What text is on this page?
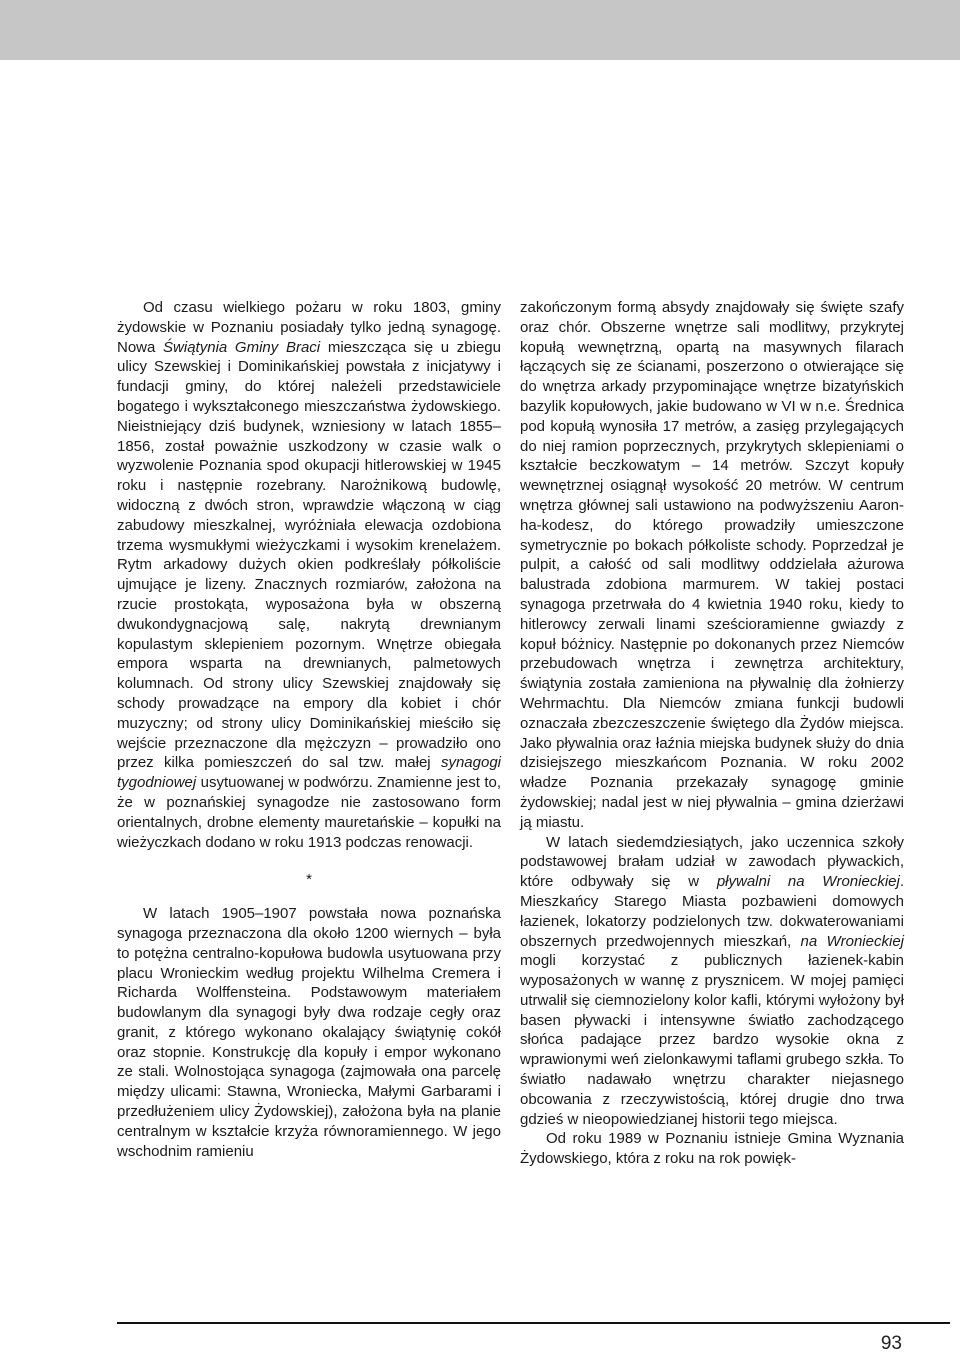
Od czasu wielkiego pożaru w roku 1803, gminy żydowskie w Poznaniu posiadały tylko jedną synagogę. Nowa Świątynia Gminy Braci mieszcząca się u zbiegu ulicy Szewskiej i Dominikańskiej powstała z inicjatywy i fundacji gminy, do której należeli przedstawiciele bogatego i wykształconego mieszczaństwa żydowskiego. Nieistniejący dziś budynek, wzniesiony w latach 1855–1856, został poważnie uszkodzony w czasie walk o wyzwolenie Poznania spod okupacji hitlerowskiej w 1945 roku i następnie rozebrany. Narożnikową budowlę, widoczną z dwóch stron, wprawdzie włączoną w ciąg zabudowy mieszkalnej, wyróżniała elewacja ozdobiona trzema wysmukłymi wieżyczkami i wysokim krenelażem. Rytm arkadowy dużych okien podkreślały półkoliście ujmujące je lizeny. Znacznych rozmiarów, założona na rzucie prostokąta, wyposażona była w obszerną dwukondygnacjową salę, nakrytą drewnianym kopulastym sklepieniem pozornym. Wnętrze obiegała empora wsparta na drewnianych, palmetowych kolumnach. Od strony ulicy Szewskiej znajdowały się schody prowadzące na empory dla kobiet i chór muzyczny; od strony ulicy Dominikańskiej mieściło się wejście przeznaczone dla mężczyzn – prowadziło ono przez kilka pomieszczeń do sal tzw. małej synagogi tygodniowej usytuowanej w podwórzu. Znamienne jest to, że w poznańskiej synagodze nie zastosowano form orientalnych, drobne elementy mauretańskie – kopułki na wieżyczkach dodano w roku 1913 podczas renowacji.

*

W latach 1905–1907 powstała nowa poznańska synagoga przeznaczona dla około 1200 wiernych – była to potężna centralno-kopułowa budowla usytuowana przy placu Wronieckim według projektu Wilhelma Cremera i Richarda Wolffensteina. Podstawowym materiałem budowlanym dla synagogi były dwa rodzaje cegły oraz granit, z którego wykonano okalający świątynię cokół oraz stopnie. Konstrukcję dla kopuły i empor wykonano ze stali. Wolnostojąca synagoga (zajmowała ona parcelę między ulicami: Stawna, Wroniecka, Małymi Garbarami i przedłużeniem ulicy Żydowskiej), założona była na planie centralnym w kształcie krzyża równoramiennego. W jego wschodnim ramieniu

zakończonym formą absydy znajdowały się święte szafy oraz chór. Obszerne wnętrze sali modlitwy, przykrytej kopułą wewnętrzną, opartą na masywnych filarach łączących się ze ścianami, poszerzono o otwierające się do wnętrza arkady przypominające wnętrze bizatyńskich bazylik kopułowych, jakie budowano w VI w n.e. Średnica pod kopułą wynosiła 17 metrów, a zasięg przylegających do niej ramion poprzecznych, przykrytych sklepieniami o kształcie beczkowatym – 14 metrów. Szczyt kopuły wewnętrznej osiągnął wysokość 20 metrów. W centrum wnętrza głównej sali ustawiono na podwyższeniu Aaron-ha-kodesz, do którego prowadziły umieszczone symetrycznie po bokach półkoliste schody. Poprzedzał je pulpit, a całość od sali modlitwy oddzielała ażurowa balustrada zdobiona marmurem. W takiej postaci synagoga przetrwała do 4 kwietnia 1940 roku, kiedy to hitlerowcy zerwali linami sześcioramienne gwiazdy z kopuł bóżnicy. Następnie po dokonanych przez Niemców przebudowach wnętrza i zewnętrza architektury, świątynia została zamieniona na pływalnię dla żołnierzy Wehrmachtu. Dla Niemców zmiana funkcji budowli oznaczała zbezczeszczenie świętego dla Żydów miejsca. Jako pływalnia oraz łaźnia miejska budynek służy do dnia dzisiejszego mieszkańcom Poznania. W roku 2002 władze Poznania przekazały synagogę gminie żydowskiej; nadal jest w niej pływalnia – gmina dzierżawi ją miastu.

W latach siedemdziesiątych, jako uczennica szkoły podstawowej brałam udział w zawodach pływackich, które odbywały się w pływalni na Wronieckiej. Mieszkańcy Starego Miasta pozbawieni domowych łazienek, lokatorzy podzielonych tzw. dokwaterowaniami obszernych przedwojennych mieszkań, na Wronieckiej mogli korzystać z publicznych łazienek-kabin wyposażonych w wannę z prysznicem. W mojej pamięci utrwalił się ciemnozielony kolor kafli, którymi wyłożony był basen pływacki i intensywne światło zachodzącego słońca padające przez bardzo wysokie okna z wprawionymi weń zielonkawymi taflami grubego szkła. To światło nadawało wnętrzu charakter niejasnego obcowania z rzeczywistością, której drugie dno trwa gdzieś w nieopowiedzianej historii tego miejsca.

Od roku 1989 w Poznaniu istnieje Gmina Wyznania Żydowskiego, która z roku na rok powięk-

93
